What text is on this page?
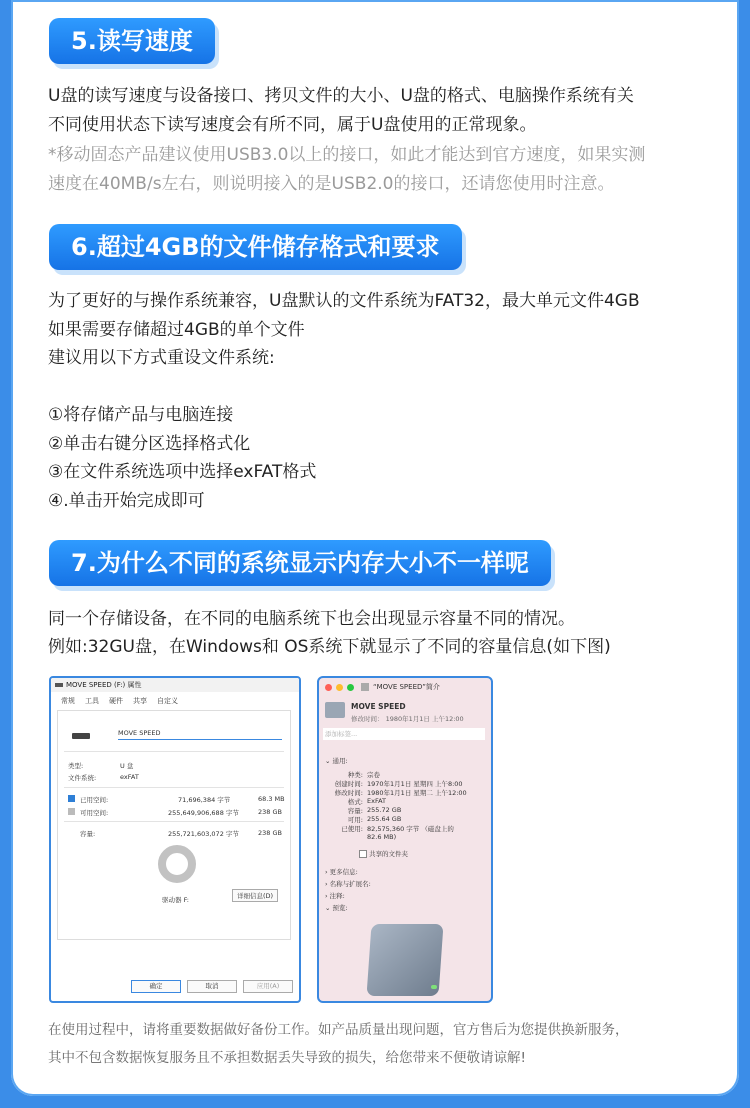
5.读写速度
U盘的读写速度与设备接口、拷贝文件的大小、U盘的格式、电脑操作系统有关
不同使用状态下读写速度会有所不同，属于U盘使用的正常现象。
*移动固态产品建议使用USB3.0以上的接口，如此才能达到官方速度，如果实测
速度在40MB/s左右，则说明接入的是USB2.0的接口，还请您使用时注意。
6.超过4GB的文件储存格式和要求
为了更好的与操作系统兼容，U盘默认的文件系统为FAT32，最大单元文件4GB
如果需要存储超过4GB的单个文件
建议用以下方式重设文件系统:
①将存储产品与电脑连接
②单击右键分区选择格式化
③在文件系统选项中选择exFAT格式
④.单击开始完成即可
7.为什么不同的系统显示内存大小不一样呢
同一个存储设备，在不同的电脑系统下也会出现显示容量不同的情况。
例如:32GU盘，在Windows和 OS系统下就显示了不同的容量信息(如下图)
MOVE SPEED (F:) 属性
常规 工具 硬件 共享 自定义
MOVE SPEED
类型:	U 盘
文件系统:	exFAT
已用空间:	71,696,384 字节	68.3 MB
可用空间:	255,649,906,688 字节	238 GB
容量:	255,721,603,072 字节	238 GB
驱动器 F:	详细信息(D)
确定	取消	应用(A)
“MOVE SPEED”简介
MOVE SPEED
修改时间： 1980年1月1日 上午12:00
添加标签...
⌄ 通用:
种类: 宗卷
创建时间: 1970年1月1日 星期四 上午8:00
修改时间: 1980年1月1日 星期二 上午12:00
格式: ExFAT
容量: 255.72 GB
可用: 255.64 GB
已使用: 82,575,360 字节 （磁盘上的
82.6 MB)
共享的文件夹
› 更多信息:
› 名称与扩展名:
› 注释:
⌄ 预览:
在使用过程中，请将重要数据做好备份工作。如产品质量出现问题，官方售后为您提供换新服务，
其中不包含数据恢复服务且不承担数据丢失导致的损失，给您带来不便敬请谅解!
